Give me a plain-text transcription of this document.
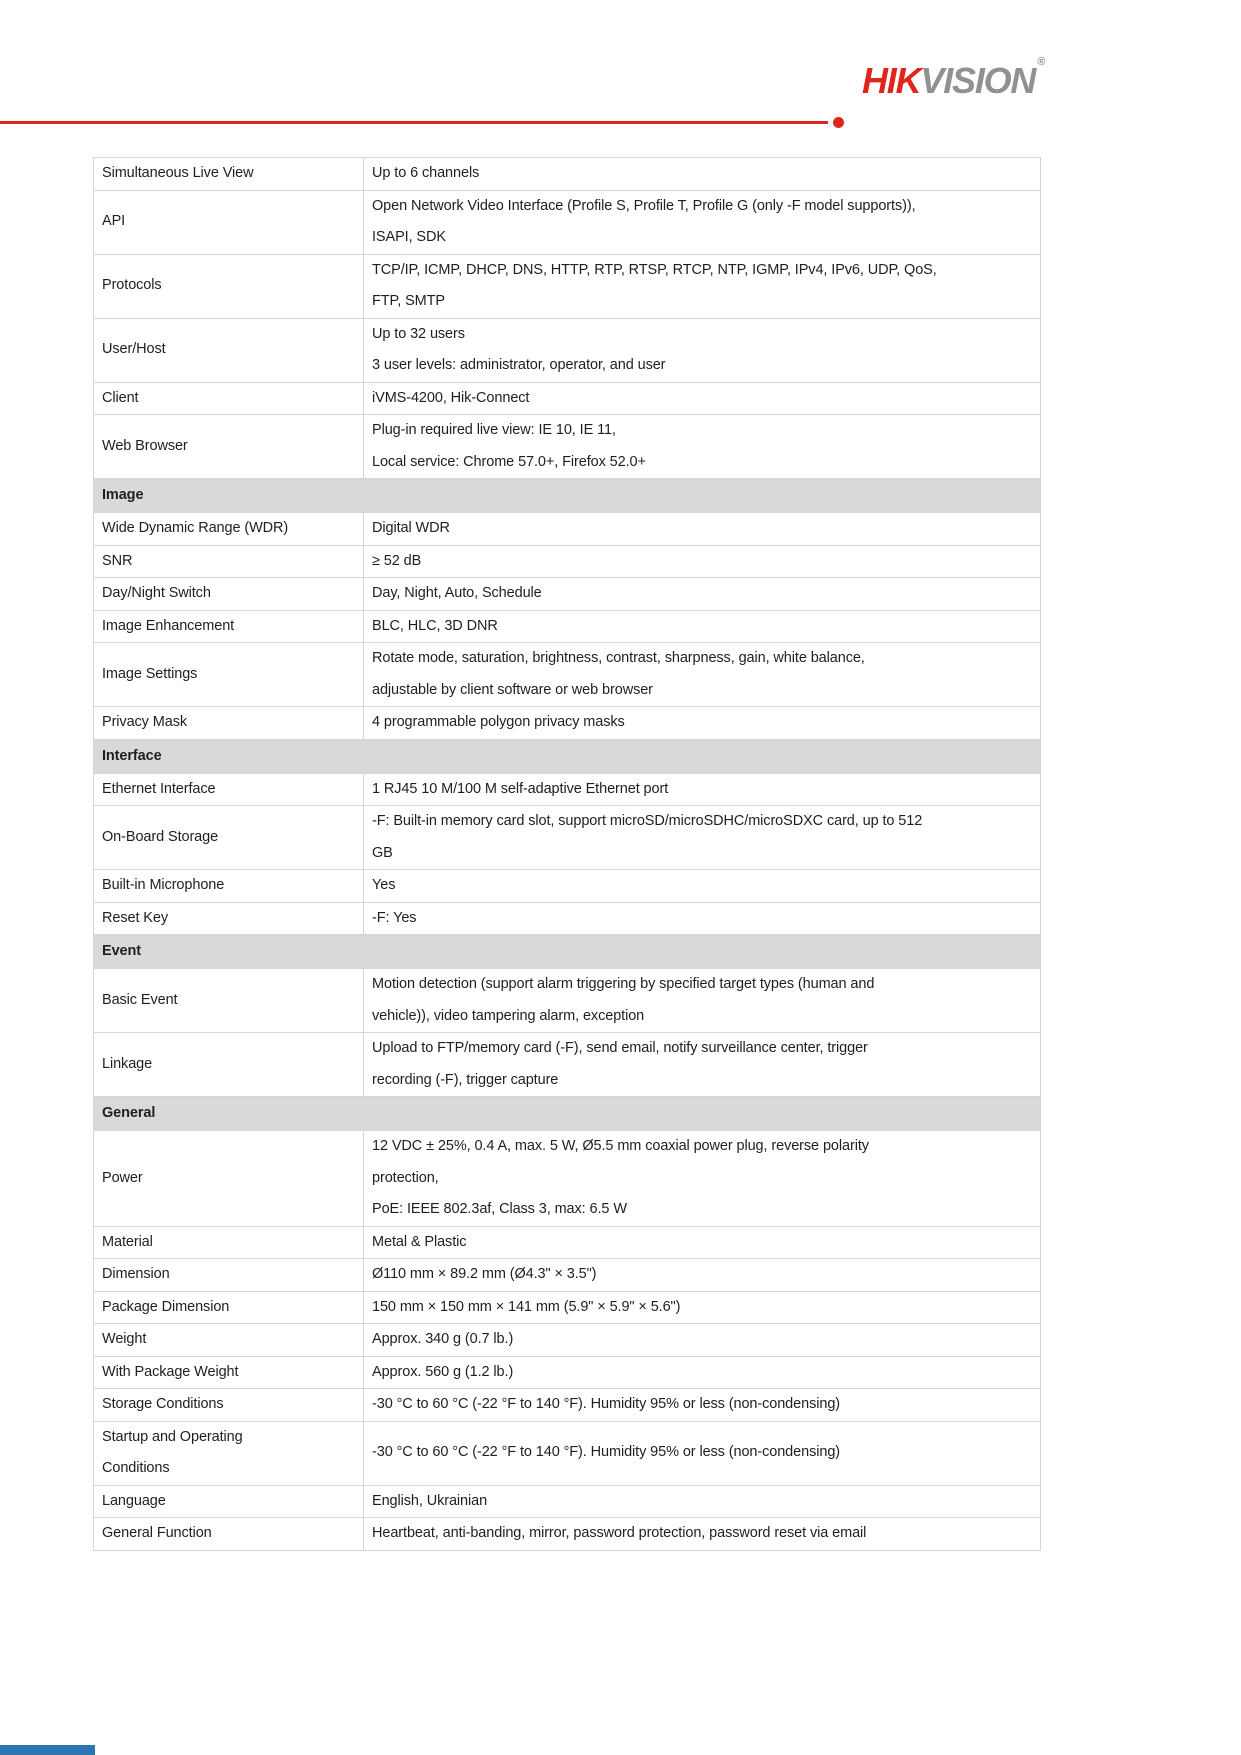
HIKVISION ®
Simultaneous Live View	Up to 6 channels

API	Open Network Video Interface (Profile S, Profile T, Profile G (only -F model supports)),
ISAPI, SDK

Protocols	TCP/IP, ICMP, DHCP, DNS, HTTP, RTP, RTSP, RTCP, NTP, IGMP, IPv4, IPv6, UDP, QoS,
FTP, SMTP

User/Host	Up to 32 users
3 user levels: administrator, operator, and user

Client	iVMS-4200, Hik-Connect

Web Browser	Plug-in required live view: IE 10, IE 11,
Local service: Chrome 57.0+, Firefox 52.0+

Image	

Wide Dynamic Range (WDR)	Digital WDR

SNR	≥ 52 dB

Day/Night Switch	Day, Night, Auto, Schedule

Image Enhancement	BLC, HLC, 3D DNR

Image Settings	Rotate mode, saturation, brightness, contrast, sharpness, gain, white balance,
adjustable by client software or web browser

Privacy Mask	4 programmable polygon privacy masks

Interface	

Ethernet Interface	1 RJ45 10 M/100 M self-adaptive Ethernet port

On-Board Storage	-F: Built-in memory card slot, support microSD/microSDHC/microSDXC card, up to 512
GB

Built-in Microphone	Yes

Reset Key	-F: Yes

Event	

Basic Event	Motion detection (support alarm triggering by specified target types (human and
vehicle)), video tampering alarm, exception

Linkage	Upload to FTP/memory card (-F), send email, notify surveillance center, trigger
recording (-F), trigger capture

General	

Power	12 VDC ± 25%, 0.4 A, max. 5 W, Ø5.5 mm coaxial power plug, reverse polarity
protection,
PoE: IEEE 802.3af, Class 3, max: 6.5 W

Material	Metal & Plastic

Dimension	Ø110 mm × 89.2 mm (Ø4.3" × 3.5")

Package Dimension	150 mm × 150 mm × 141 mm (5.9" × 5.9" × 5.6")

Weight	Approx. 340 g (0.7 lb.)

With Package Weight	Approx. 560 g (1.2 lb.)

Storage Conditions	-30 °C to 60 °C (-22 °F to 140 °F). Humidity 95% or less (non-condensing)

Startup and Operating
Conditions	-30 °C to 60 °C (-22 °F to 140 °F). Humidity 95% or less (non-condensing)

Language	English, Ukrainian

General Function	Heartbeat, anti-banding, mirror, password protection, password reset via email
